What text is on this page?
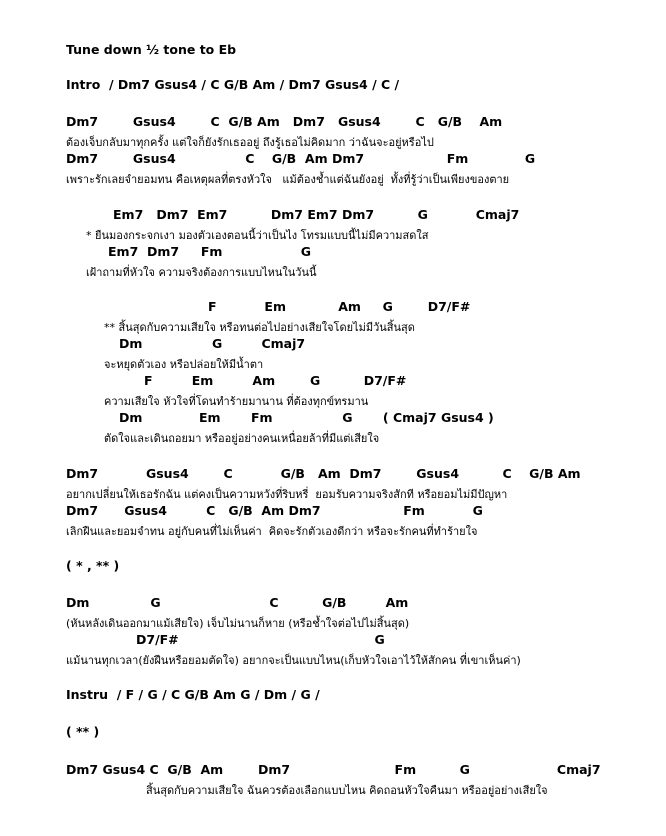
Tune down ½ tone to Eb
Intro  / Dm7 Gsus4 / C G/B Am / Dm7 Gsus4 / C /
Dm7        Gsus4        C  G/B Am   Dm7   Gsus4        C   G/B    Am
ต้องเจ็บกลับมาทุกครั้ง แต่ใจก็ยังรักเธออยู่ ถึงรู้เธอไม่คิดมาก ว่าฉันจะอยู่หรือไป
Dm7        Gsus4                C    G/B  Am Dm7                   Fm             G
เพราะรักเลยจำยอมทน คือเหตุผลที่ตรงหัวใจ   แม้ต้องช้ำแต่ฉันยังอยู่  ทั้งที่รู้ว่าเป็นเพียงของตาย
Em7   Dm7  Em7          Dm7 Em7 Dm7          G           Cmaj7
* ยืนมองกระจกเงา มองตัวเองตอนนี้ว่าเป็นไง โทรมแบบนี้ไม่มีความสดใส
Em7  Dm7     Fm                  G
เฝ้าถามที่หัวใจ ความจริงต้องการแบบไหนในวันนี้
F           Em            Am     G        D7/F#
** สิ้นสุดกับความเสียใจ หรือทนต่อไปอย่างเสียใจโดยไม่มีวันสิ้นสุด
Dm                G         Cmaj7
จะหยุดตัวเอง หรือปล่อยให้มีน้ำตา
F         Em         Am        G          D7/F#
ความเสียใจ หัวใจที่โดนทำร้ายมานาน ที่ต้องทุกข์ทรมาน
Dm             Em       Fm                G       ( Cmaj7 Gsus4 )
ตัดใจและเดินถอยมา หรืออยู่อย่างคนเหนื่อยล้าที่มีแต่เสียใจ
Dm7           Gsus4        C           G/B   Am  Dm7        Gsus4          C    G/B Am
อยากเปลี่ยนให้เธอรักฉัน แต่คงเป็นความหวังที่ริบหรี่  ยอมรับความจริงสักที หรือยอมไม่มีปัญหา
Dm7      Gsus4         C   G/B  Am Dm7                   Fm           G
เลิกฝืนและยอมจำทน อยู่กับคนที่ไม่เห็นค่า  คิดจะรักตัวเองดีกว่า หรือจะรักคนที่ทำร้ายใจ
( * , ** )
Dm              G                         C          G/B         Am
(หันหลังเดินออกมาแม้เสียใจ) เจ็บไม่นานก็หาย (หรือช้ำใจต่อไปไม่สิ้นสุด)
D7/F#                                             G
แม้นานทุกเวลา(ยังฝืนหรือยอมตัดใจ) อยากจะเป็นแบบไหน(เก็บหัวใจเอาไว้ให้สักคน ที่เขาเห็นค่า)
Instru  / F / G / C G/B Am G / Dm / G /
( ** )
Dm7 Gsus4 C  G/B  Am        Dm7                        Fm          G                    Cmaj7
สิ้นสุดกับความเสียใจ ฉันควรต้องเลือกแบบไหน คิดถอนหัวใจคืนมา หรืออยู่อย่างเสียใจ
